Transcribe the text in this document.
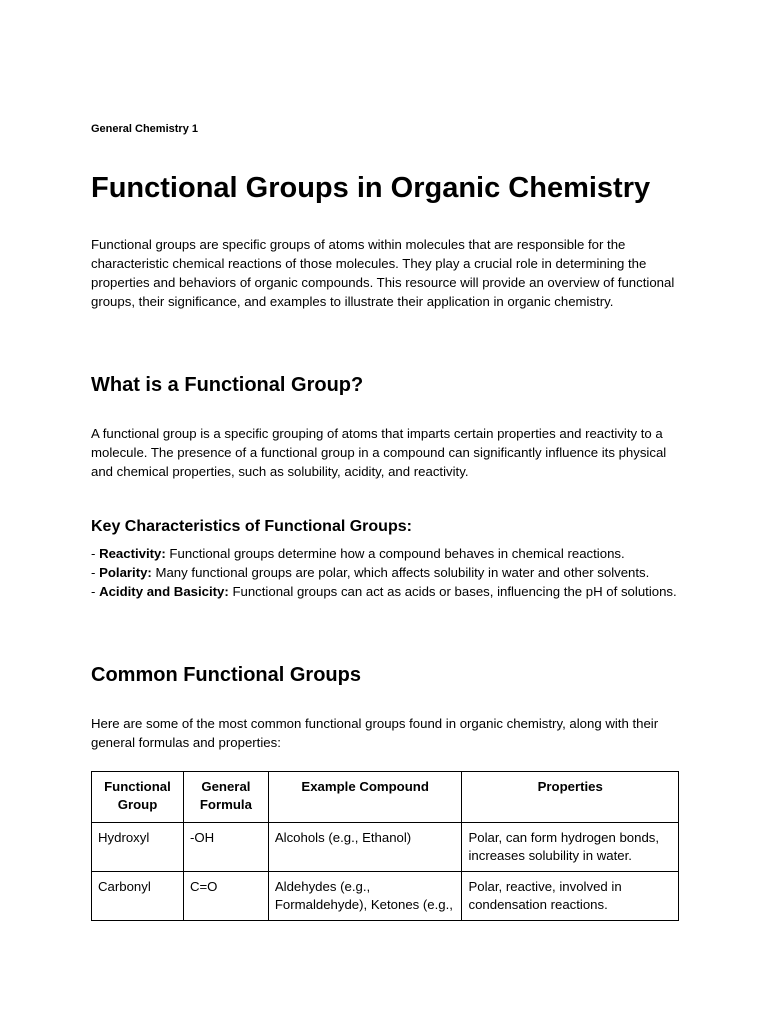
General Chemistry 1
Functional Groups in Organic Chemistry

Functional groups are specific groups of atoms within molecules that are responsible for the characteristic chemical reactions of those molecules. They play a crucial role in determining the properties and behaviors of organic compounds. This resource will provide an overview of functional groups, their significance, and examples to illustrate their application in organic chemistry.

What is a Functional Group?

A functional group is a specific grouping of atoms that imparts certain properties and reactivity to a molecule. The presence of a functional group in a compound can significantly influence its physical and chemical properties, such as solubility, acidity, and reactivity.

Key Characteristics of Functional Groups:
- Reactivity: Functional groups determine how a compound behaves in chemical reactions.
- Polarity: Many functional groups are polar, which affects solubility in water and other solvents.
- Acidity and Basicity: Functional groups can act as acids or bases, influencing the pH of solutions.
Common Functional Groups

Here are some of the most common functional groups found in organic chemistry, along with their general formulas and properties:

Functional Group	General Formula	Example Compound	Properties
Hydroxyl	-OH	Alcohols (e.g., Ethanol)	Polar, can form hydrogen bonds, increases solubility in water.

Carbonyl	C=O	Aldehydes (e.g., Formaldehyde), Ketones (e.g.,	Polar, reactive, involved in condensation reactions.
